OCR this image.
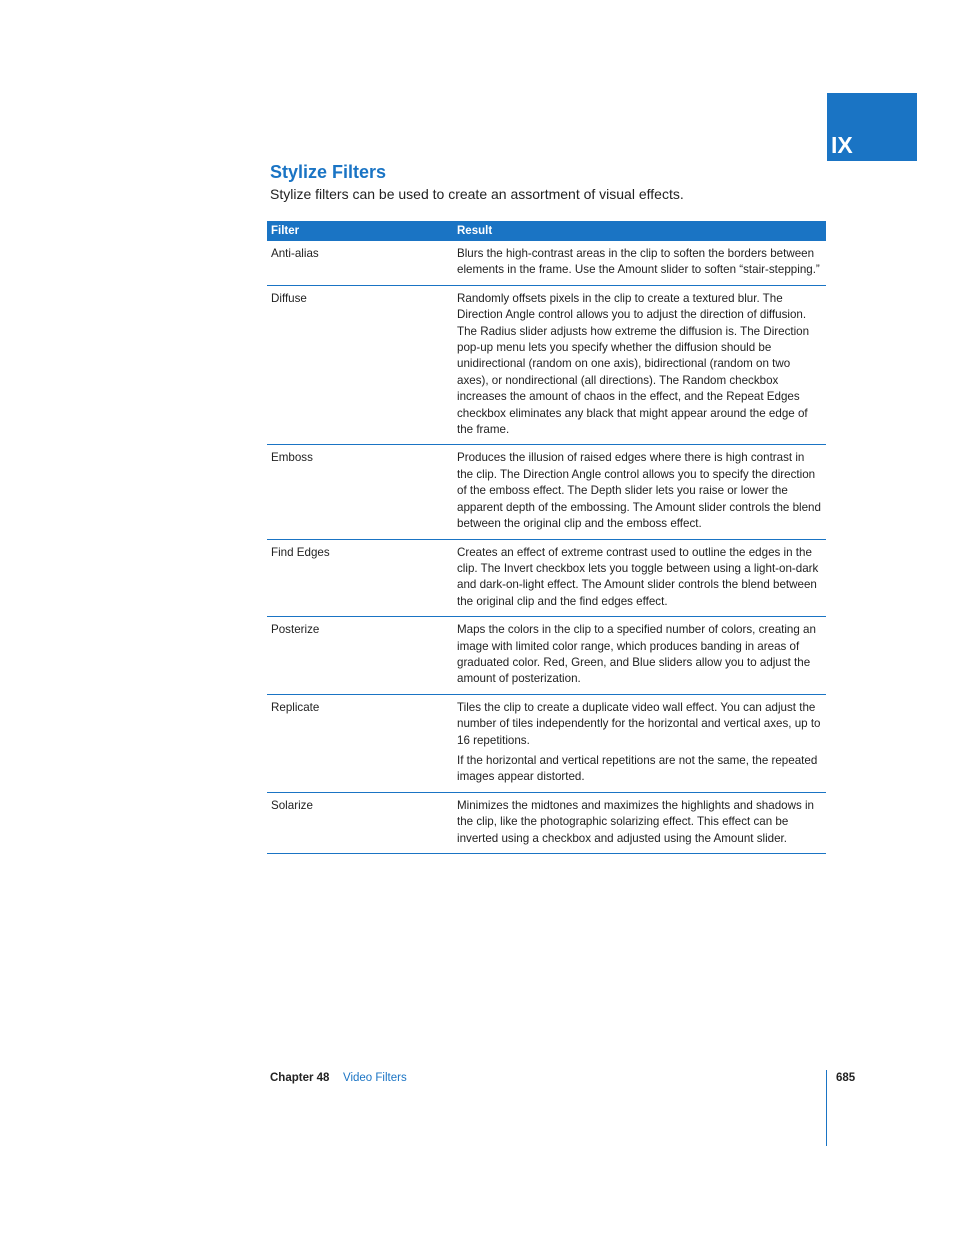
IX
Stylize Filters

Stylize filters can be used to create an assortment of visual effects.

Filter	Result
Anti-alias	Blurs the high-contrast areas in the clip to soften the borders between elements in the frame. Use the Amount slider to soften “stair-stepping.”

Diffuse	Randomly offsets pixels in the clip to create a textured blur. The Direction Angle control allows you to adjust the direction of diffusion. The Radius slider adjusts how extreme the diffusion is. The Direction pop-up menu lets you specify whether the diffusion should be unidirectional (random on one axis), bidirectional (random on two axes), or nondirectional (all directions). The Random checkbox increases the amount of chaos in the effect, and the Repeat Edges checkbox eliminates any black that might appear around the edge of the frame.

Emboss	Produces the illusion of raised edges where there is high contrast in the clip. The Direction Angle control allows you to specify the direction of the emboss effect. The Depth slider lets you raise or lower the apparent depth of the embossing. The Amount slider controls the blend between the original clip and the emboss effect.

Find Edges	Creates an effect of extreme contrast used to outline the edges in the clip. The Invert checkbox lets you toggle between using a light-on-dark and dark-on-light effect. The Amount slider controls the blend between the original clip and the find edges effect.

Posterize	Maps the colors in the clip to a specified number of colors, creating an image with limited color range, which produces banding in areas of graduated color. Red, Green, and Blue sliders allow you to adjust the amount of posterization.

Replicate	Tiles the clip to create a duplicate video wall effect. You can adjust the number of tiles independently for the horizontal and vertical axes, up to 16 repetitions.

If the horizontal and vertical repetitions are not the same, the repeated images appear distorted.

Solarize	Minimizes the midtones and maximizes the highlights and shadows in the clip, like the photographic solarizing effect. This effect can be inverted using a checkbox and adjusted using the Amount slider.

Chapter 48 Video Filters	685
